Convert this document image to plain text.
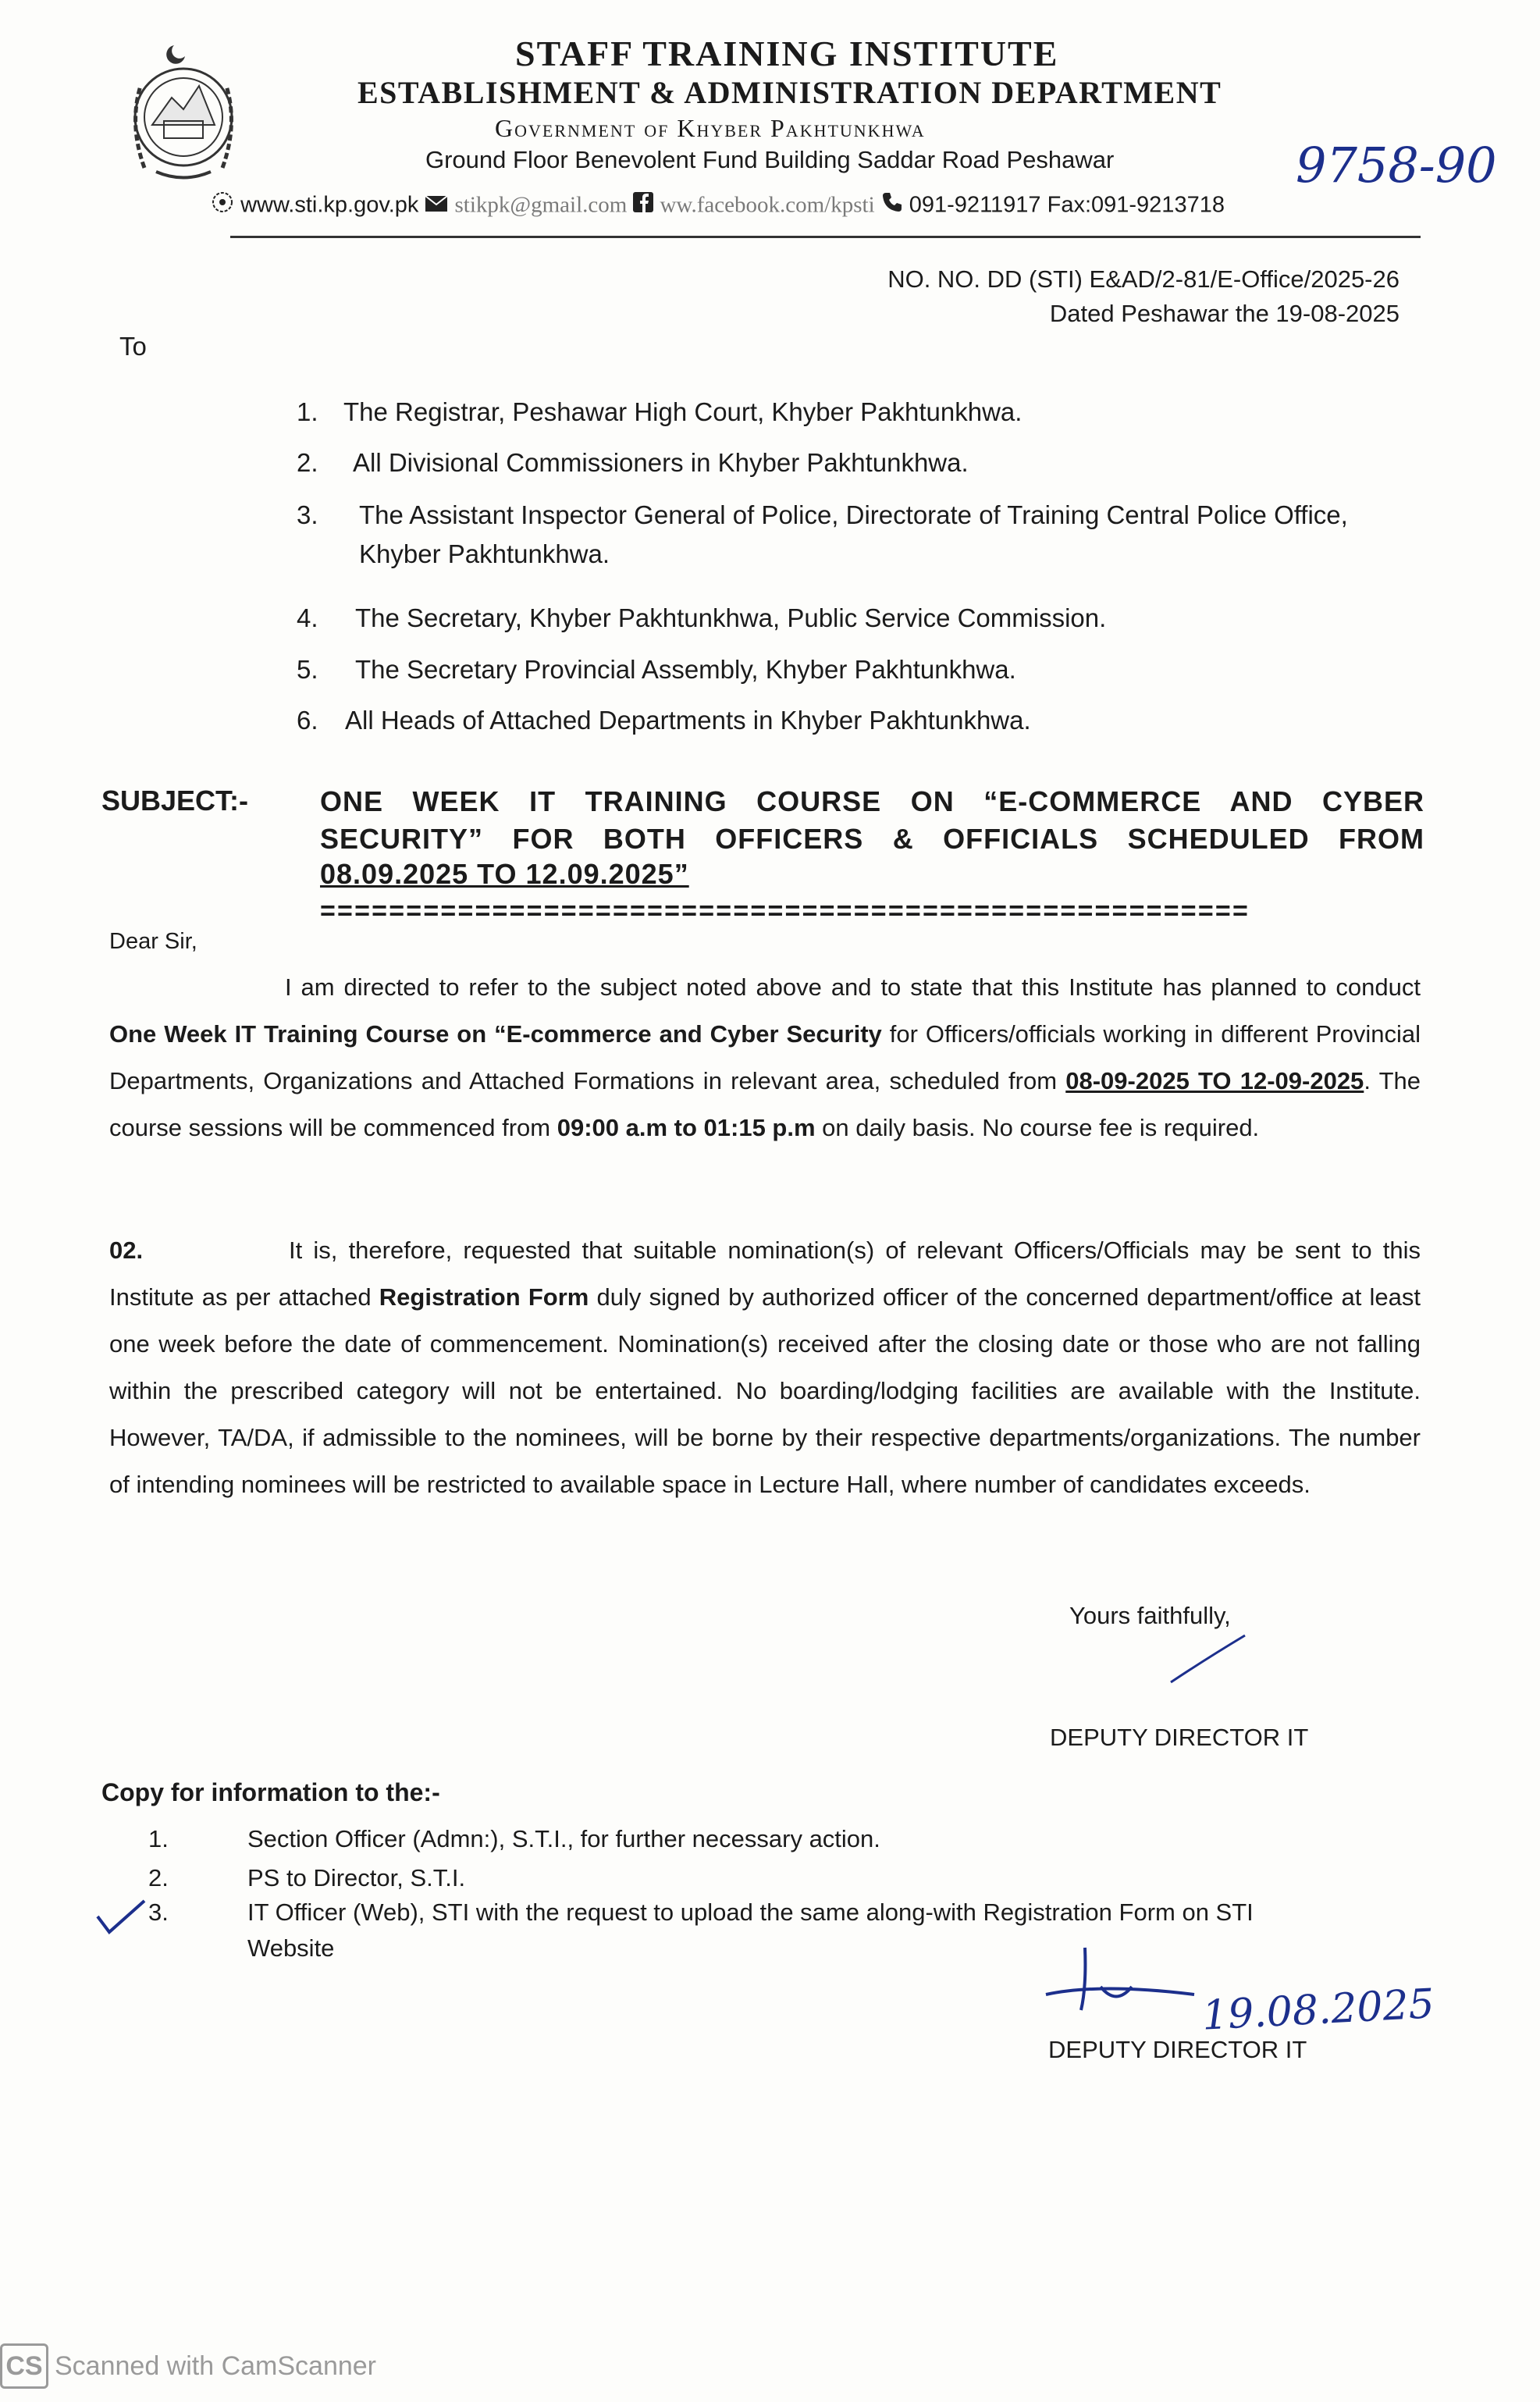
STAFF TRAINING INSTITUTE
ESTABLISHMENT & ADMINISTRATION DEPARTMENT
Government of Khyber Pakhtunkhwa
Ground Floor Benevolent Fund Building Saddar Road Peshawar	9758-90
www.sti.kp.gov.pk stikpk@gmail.com ww.facebook.com/kpsti 091-9211917 Fax:091-9213718
NO. NO. DD (STI) E&AD/2-81/E-Office/2025-26
Dated Peshawar the 19-08-2025
To
1. The Registrar, Peshawar High Court, Khyber Pakhtunkhwa.
2. All Divisional Commissioners in Khyber Pakhtunkhwa.
3. The Assistant Inspector General of Police, Directorate of Training Central Police Office,
Khyber Pakhtunkhwa.
4. The Secretary, Khyber Pakhtunkhwa, Public Service Commission.
5. The Secretary Provincial Assembly, Khyber Pakhtunkhwa.
6. All Heads of Attached Departments in Khyber Pakhtunkhwa.
SUBJECT:-	ONE WEEK IT TRAINING COURSE ON “E-COMMERCE AND CYBER
SECURITY” FOR BOTH OFFICERS & OFFICIALS SCHEDULED FROM
08.09.2025 TO 12.09.2025”
======================================================
Dear Sir,
I am directed to refer to the subject noted above and to state that this Institute has planned to conduct One Week IT Training Course on “E-commerce and Cyber Security for Officers/officials working in different Provincial Departments, Organizations and Attached Formations in relevant area, scheduled from 08-09-2025 TO 12-09-2025. The course sessions will be commenced from 09:00 a.m to 01:15 p.m on daily basis. No course fee is required.
02.	It is, therefore, requested that suitable nomination(s) of relevant Officers/Officials may be sent to this Institute as per attached Registration Form duly signed by authorized officer of the concerned department/office at least one week before the date of commencement. Nomination(s) received after the closing date or those who are not falling within the prescribed category will not be entertained. No boarding/lodging facilities are available with the Institute. However, TA/DA, if admissible to the nominees, will be borne by their respective departments/organizations. The number of intending nominees will be restricted to available space in Lecture Hall, where number of candidates exceeds.
Yours faithfully,
DEPUTY DIRECTOR IT
Copy for information to the:-
1.	Section Officer (Admn:), S.T.I., for further necessary action.
2.	PS to Director, S.T.I.
3.	IT Officer (Web), STI with the request to upload the same along-with Registration Form on STI
Website
19.08.2025
DEPUTY DIRECTOR IT
CS Scanned with CamScanner
